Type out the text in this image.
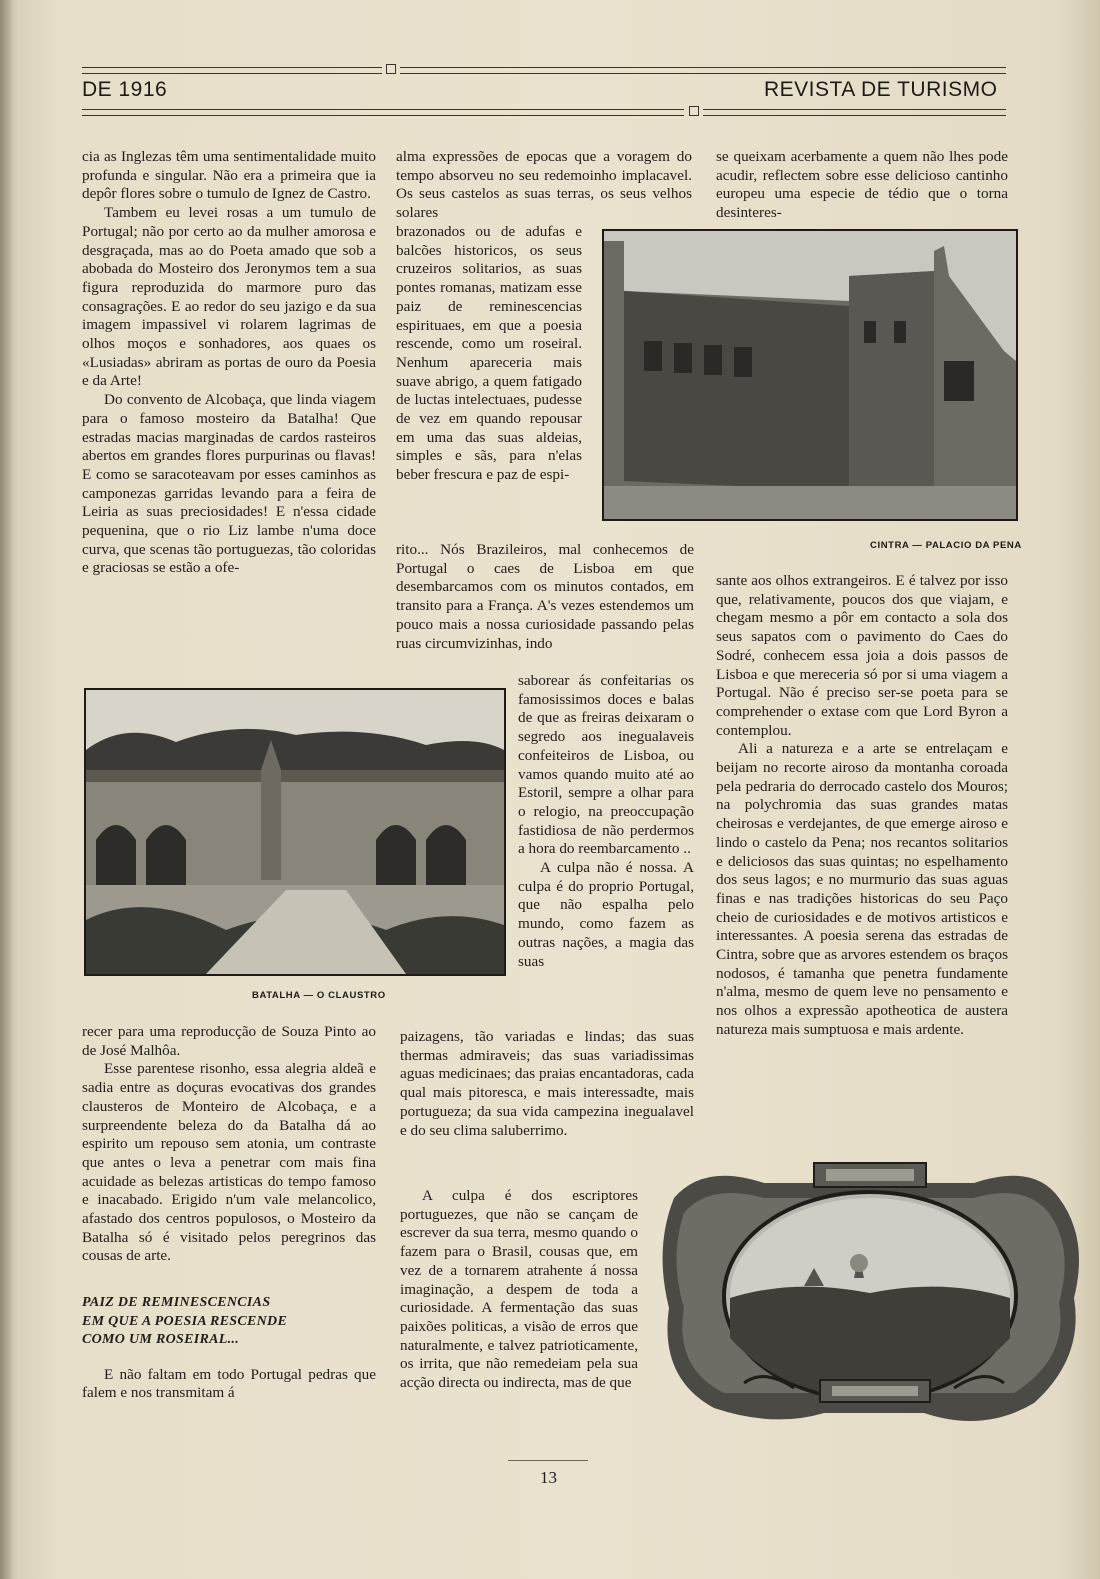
DE 1916	REVISTA DE TURISMO

cia as Inglezas têm uma sentimentalidade muito profunda e singular. Não era a primeira que ia depôr flores sobre o tumulo de Ignez de Castro.

Tambem eu levei rosas a um tumulo de Portugal; não por certo ao da mulher amorosa e desgraçada, mas ao do Poeta amado que sob a abobada do Mosteiro dos Jeronymos tem a sua figura reproduzida do marmore puro das consagrações. E ao redor do seu jazigo e da sua imagem impassivel vi rolarem lagrimas de olhos moços e sonhadores, aos quaes os «Lusiadas» abriram as portas de ouro da Poesia e da Arte!

Do convento de Alcobaça, que linda viagem para o famoso mosteiro da Batalha! Que estradas macias marginadas de cardos rasteiros abertos em grandes flores purpurinas ou flavas! E como se saracoteavam por esses caminhos as camponezas garridas levando para a feira de Leiria as suas preciosidades! E n'essa cidade pequenina, que o rio Liz lambe n'uma doce curva, que scenas tão portuguezas, tão coloridas e graciosas se estão a ofe-

BATALHA — O CLAUSTRO

recer para uma reproducção de Souza Pinto ao de José Malhôa.

Esse parentese risonho, essa alegria aldeã e sadia entre as doçuras evocativas dos grandes clausteros de Monteiro de Alcobaça, e a surpreendente beleza do da Batalha dá ao espirito um repouso sem atonia, um contraste que antes o leva a penetrar com mais fina acuidade as belezas artisticas do tempo famoso e inacabado. Erigido n'um vale melancolico, afastado dos centros populosos, o Mosteiro da Batalha só é visitado pelos peregrinos das cousas de arte.

PAIZ DE REMINESCENCIAS
EM QUE A POESIA RESCENDE
COMO UM ROSEIRAL...

E não faltam em todo Portugal pedras que falem e nos transmitam á

alma expressões de epocas que a voragem do tempo absorveu no seu redemoinho implacavel. Os seus castelos as suas terras, os seus velhos solares

brazonados ou de adufas e balcões historicos, os seus cruzeiros solitarios, as suas pontes romanas, matizam esse paiz de reminescencias espirituaes, em que a poesia rescende, como um roseiral. Nenhum apareceria mais suave abrigo, a quem fatigado de luctas intelectuaes, pudesse de vez em quando repousar em uma das suas aldeias, simples e sãs, para n'elas beber frescura e paz de espi-

rito... Nós Brazileiros, mal conhecemos de Portugal o caes de Lisboa em que desembarcamos com os minutos contados, em transito para a França. A's vezes estendemos um pouco mais a nossa curiosidade passando pelas ruas circumvizinhas, indo

saborear ás confeitarias os famosissimos doces e balas de que as freiras deixaram o segredo aos inegualaveis confeiteiros de Lisboa, ou vamos quando muito até ao Estoril, sempre a olhar para o relogio, na preoccupação fastidiosa de não perdermos a hora do reembarcamento ..

A culpa não é nossa. A culpa é do proprio Portugal, que não espalha pelo mundo, como fazem as outras nações, a magia das suas

paizagens, tão variadas e lindas; das suas thermas admiraveis; das suas variadissimas aguas medicinaes; das praias encantadoras, cada qual mais pitoresca, e mais interessadte, mais portugueza; da sua vida campezina inegualavel e do seu clima saluberrimo.

A culpa é dos escriptores portuguezes, que não se cançam de escrever da sua terra, mesmo quando o fazem para o Brasil, cousas que, em vez de a tornarem atrahente á nossa imaginação, a despem de toda a curiosidade. A fermentação das suas paixões politicas, a visão de erros que naturalmente, e talvez patrioticamente, os irrita, que não remedeiam pela sua acção directa ou indirecta, mas de que

se queixam acerbamente a quem não lhes pode acudir, reflectem sobre esse delicioso cantinho europeu uma especie de tédio que o torna desinteres-

CINTRA — PALACIO DA PENA

sante aos olhos extrangeiros. E é talvez por isso que, relativamente, poucos dos que viajam, e chegam mesmo a pôr em contacto a sola dos seus sapatos com o pavimento do Caes do Sodré, conhecem essa joia a dois passos de Lisboa e que mereceria só por si uma viagem a Portugal. Não é preciso ser-se poeta para se comprehender o extase com que Lord Byron a contemplou.

Ali a natureza e a arte se entrelaçam e beijam no recorte airoso da montanha coroada pela pedraria do derrocado castelo dos Mouros; na polychromia das suas grandes matas cheirosas e verdejantes, de que emerge airoso e lindo o castelo da Pena; nos recantos solitarios e deliciosos das suas quintas; no espelhamento dos seus lagos; e no murmurio das suas aguas finas e nas tradições historicas do seu Paço cheio de curiosidades e de motivos artisticos e interessantes. A poesia serena das estradas de Cintra, sobre que as arvores estendem os braços nodosos, é tamanha que penetra fundamente n'alma, mesmo de quem leve no pensamento e nos olhos a expressão apotheotica de austera natureza mais sumptuosa e mais ardente.

13
